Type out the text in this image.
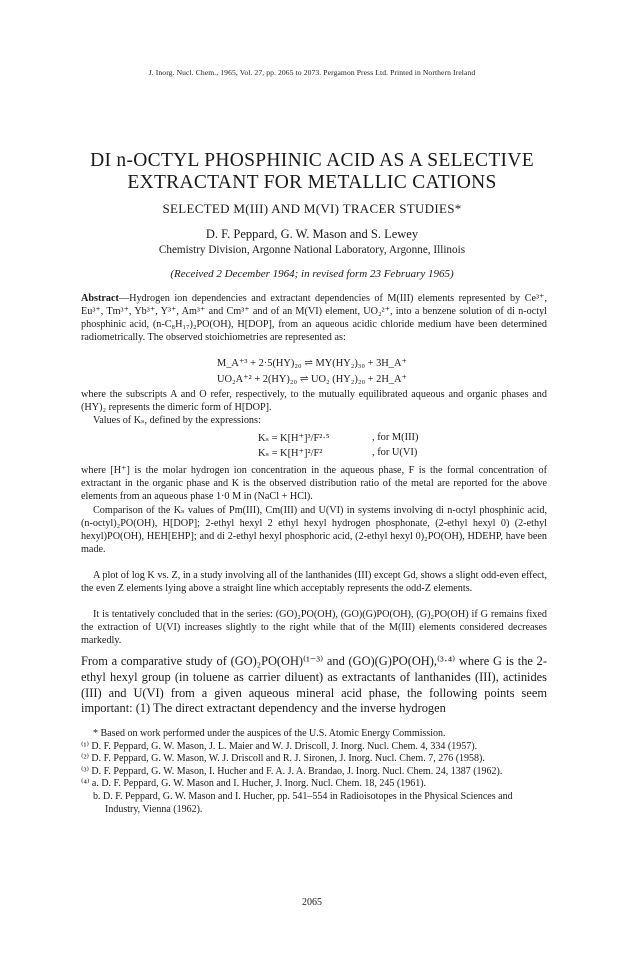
J. Inorg. Nucl. Chem., 1965, Vol. 27, pp. 2065 to 2073. Pergamon Press Ltd. Printed in Northern Ireland
DI n-OCTYL PHOSPHINIC ACID AS A SELECTIVE
EXTRACTANT FOR METALLIC CATIONS
SELECTED M(III) AND M(VI) TRACER STUDIES*
D. F. Peppard, G. W. Mason and S. Lewey
Chemistry Division, Argonne National Laboratory, Argonne, Illinois
(Received 2 December 1964; in revised form 23 February 1965)
Abstract—Hydrogen ion dependencies and extractant dependencies of M(III) elements represented by Ce³⁺, Eu³⁺, Tm³⁺, Yb³⁺, Y³⁺, Am³⁺ and Cm³⁺ and of an M(VI) element, UO₂²⁺, into a benzene solution of di n-octyl phosphinic acid, (n-C₈H₁₇)₂PO(OH), H[DOP], from an aqueous acidic chloride medium have been determined radiometrically. The observed stoichiometries are represented as:
M_A⁺³ + 2·5(HY)₂₀ ⇌ MY(HY₂)₃₀ + 3H_A⁺
UO₂A⁺² + 2(HY)₂₀ ⇌ UO₂ (HY₂)₂₀ + 2H_A⁺
where the subscripts A and O refer, respectively, to the mutually equilibrated aqueous and organic phases and (HY)₂ represents the dimeric form of H[DOP].
Values of Kₛ, defined by the expressions:
Kₛ = K[H⁺]³/F²·⁵	, for M(III)
Kₛ = K[H⁺]²/F²	, for U(VI)
where [H⁺] is the molar hydrogen ion concentration in the aqueous phase, F is the formal concentration of extractant in the organic phase and K is the observed distribution ratio of the metal are reported for the above elements from an aqueous phase 1·0 M in (NaCl + HCl).
Comparison of the Kₛ values of Pm(III), Cm(III) and U(VI) in systems involving di n-octyl phosphinic acid, (n-octyl)₂PO(OH), H[DOP]; 2-ethyl hexyl 2 ethyl hexyl hydrogen phosphonate, (2-ethyl hexyl 0) (2-ethyl hexyl)PO(OH), HEH[EHP]; and di 2-ethyl hexyl phosphoric acid, (2-ethyl hexyl 0)₂PO(OH), HDEHP, have been made.
A plot of log K vs. Z, in a study involving all of the lanthanides (III) except Gd, shows a slight odd-even effect, the even Z elements lying above a straight line which acceptably represents the odd-Z elements.
It is tentatively concluded that in the series: (GO)₂PO(OH), (GO)(G)PO(OH), (G)₂PO(OH) if G remains fixed the extraction of U(VI) increases slightly to the right while that of the M(III) elements considered decreases markedly.
From a comparative study of (GO)₂PO(OH)⁽¹⁻³⁾ and (GO)(G)PO(OH),⁽³·⁴⁾ where G is the 2-ethyl hexyl group (in toluene as carrier diluent) as extractants of lanthanides (III), actinides (III) and U(VI) from a given aqueous mineral acid phase, the following points seem important: (1) The direct extractant dependency and the inverse hydrogen
* Based on work performed under the auspices of the U.S. Atomic Energy Commission.
⁽¹⁾ D. F. Peppard, G. W. Mason, J. L. Maier and W. J. Driscoll, J. Inorg. Nucl. Chem. 4, 334 (1957).
⁽²⁾ D. F. Peppard, G. W. Mason, W. J. Driscoll and R. J. Sironen, J. Inorg. Nucl. Chem. 7, 276 (1958).
⁽³⁾ D. F. Peppard, G. W. Mason, I. Hucher and F. A. J. A. Brandao, J. Inorg. Nucl. Chem. 24, 1387 (1962).
⁽⁴⁾ a. D. F. Peppard, G. W. Mason and I. Hucher, J. Inorg. Nucl. Chem. 18, 245 (1961).
b. D. F. Peppard, G. W. Mason and I. Hucher, pp. 541–554 in Radioisotopes in the Physical Sciences and Industry, Vienna (1962).
2065
